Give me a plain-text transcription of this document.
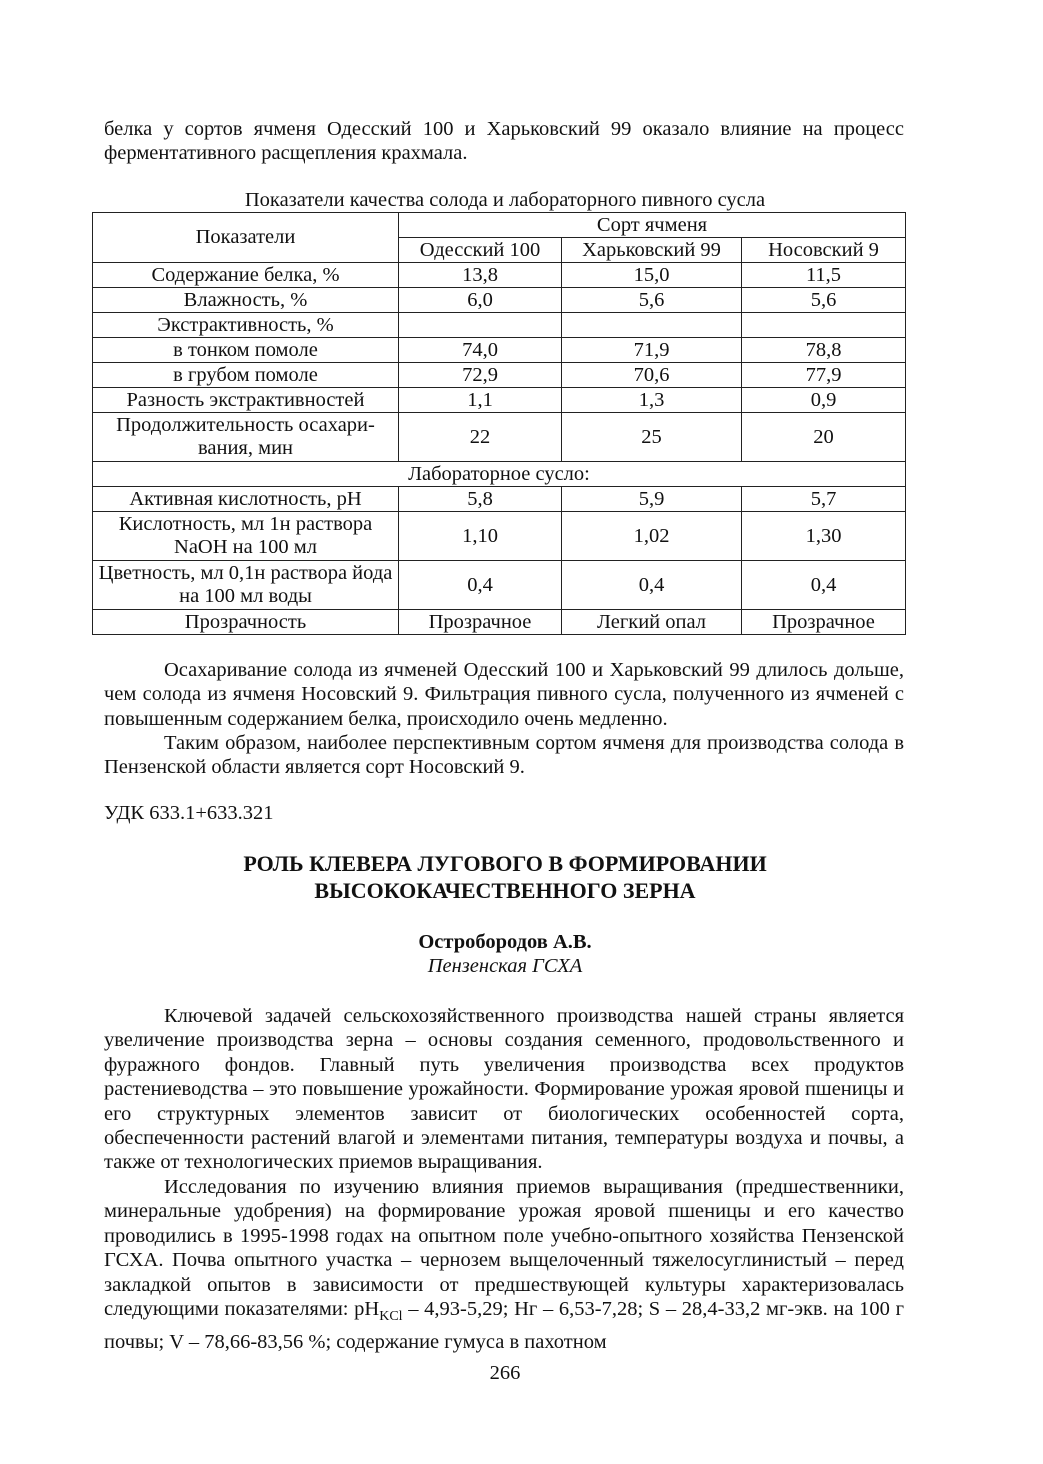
белка у сортов ячменя Одесский 100 и Харьковский 99 оказало влияние на процесс ферментативного расщепления крахмала.

Показатели качества солода и лабораторного пивного сусла

Показатели	Сорт ячменя		
	Одесский 100	Харьковский 99	Носовский 9
Содержание белка, %	13,8	15,0	11,5
Влажность, %	6,0	5,6	5,6
Экстрактивность, %			
в тонком помоле	74,0	71,9	78,8
в грубом помоле	72,9	70,6	77,9
Разность экстрактивностей	1,1	1,3	0,9
Продолжительность осахари-вания, мин	22	25	20
Лабораторное сусло:			
Активная кислотность, рН	5,8	5,9	5,7
Кислотность, мл 1н раствора NaOH на 100 мл	1,10	1,02	1,30
Цветность, мл 0,1н раствора йода на 100 мл воды	0,4	0,4	0,4
Прозрачность	Прозрачное	Легкий опал	Прозрачное

Осахаривание солода из ячменей Одесский 100 и Харьковский 99 длилось дольше, чем солода из ячменя Носовский 9. Фильтрация пивного сусла, полученного из ячменей с повышенным содержанием белка, происходило очень медленно.

Таким образом, наиболее перспективным сортом ячменя для производства солода в Пензенской области является сорт Носовский 9.

УДК 633.1+633.321

РОЛЬ КЛЕВЕРА ЛУГОВОГО В ФОРМИРОВАНИИ
ВЫСОКОКАЧЕСТВЕННОГО ЗЕРНА

Остробородов А.В.

Пензенская ГСХА

Ключевой задачей сельскохозяйственного производства нашей страны является увеличение производства зерна – основы создания семенного, продовольственного и фуражного фондов. Главный путь увеличения производства всех продуктов растениеводства – это повышение урожайности. Формирование урожая яровой пшеницы и его структурных элементов зависит от биологических особенностей сорта, обеспеченности растений влагой и элементами питания, температуры воздуха и почвы, а также от технологических приемов выращивания.

Исследования по изучению влияния приемов выращивания (предшественники, минеральные удобрения) на формирование урожая яровой пшеницы и его качество проводились в 1995-1998 годах на опытном поле учебно-опытного хозяйства Пензенской ГСХА. Почва опытного участка – чернозем выщелоченный тяжелосуглинистый – перед закладкой опытов в зависимости от предшествующей культуры характеризовалась следующими показателями: $pH_{KCl} - 4,93-5,29$; Нг – 6,53-7,28; S – 28,4-33,2 мг-экв. на 100 г почвы; V – 78,66-83,56 %; содержание гумуса в пахотном

266
